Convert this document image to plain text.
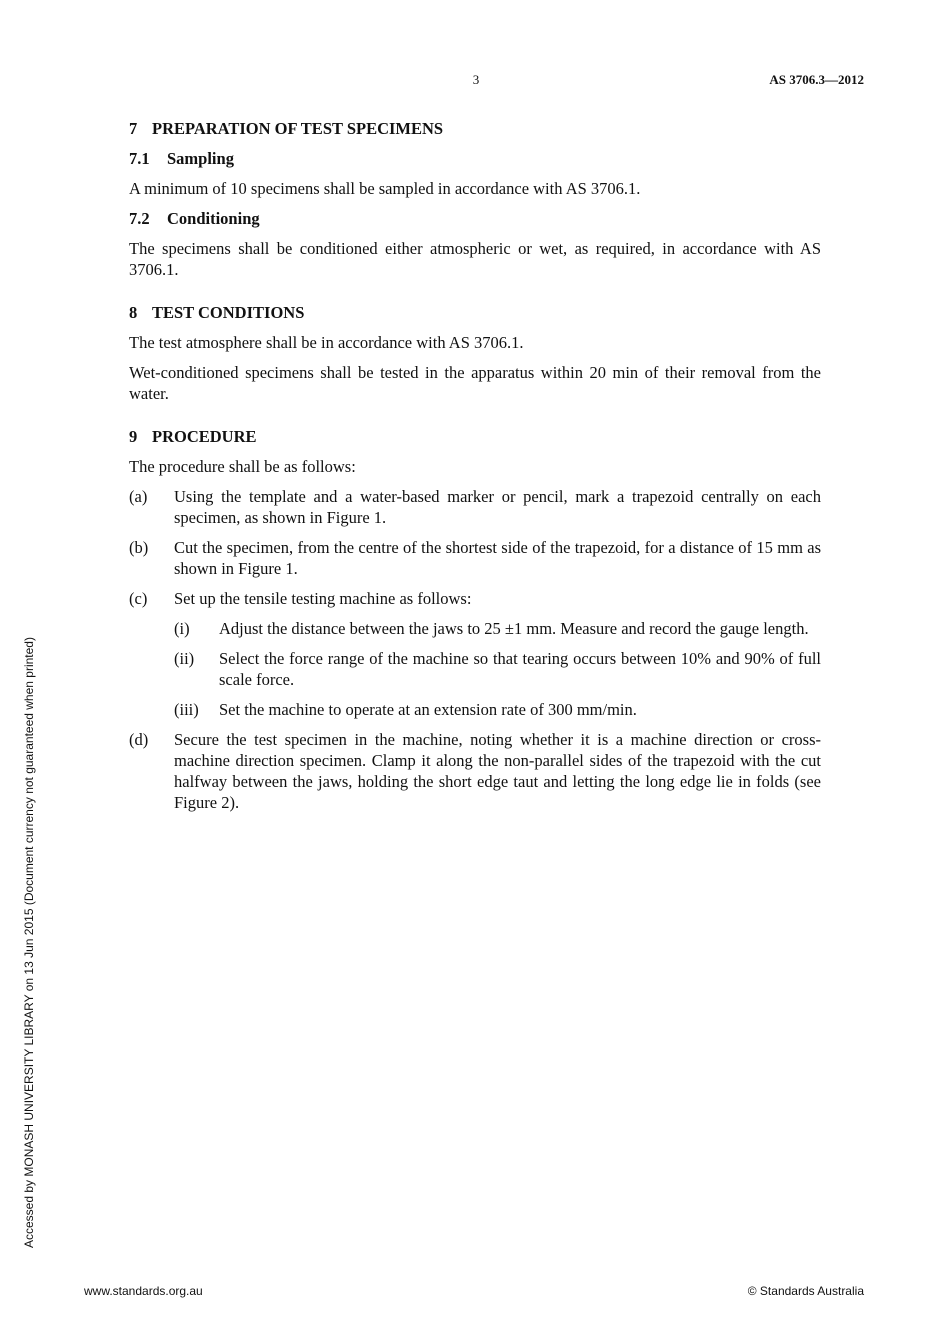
3	AS 3706.3—2012
7 PREPARATION OF TEST SPECIMENS
7.1 Sampling
A minimum of 10 specimens shall be sampled in accordance with AS 3706.1.
7.2 Conditioning
The specimens shall be conditioned either atmospheric or wet, as required, in accordance with AS 3706.1.
8 TEST CONDITIONS
The test atmosphere shall be in accordance with AS 3706.1.
Wet-conditioned specimens shall be tested in the apparatus within 20 min of their removal from the water.
9 PROCEDURE
The procedure shall be as follows:
(a) Using the template and a water-based marker or pencil, mark a trapezoid centrally on each specimen, as shown in Figure 1.
(b) Cut the specimen, from the centre of the shortest side of the trapezoid, for a distance of 15 mm as shown in Figure 1.
(c) Set up the tensile testing machine as follows:
(i) Adjust the distance between the jaws to 25 ±1 mm. Measure and record the gauge length.
(ii) Select the force range of the machine so that tearing occurs between 10% and 90% of full scale force.
(iii) Set the machine to operate at an extension rate of 300 mm/min.
(d) Secure the test specimen in the machine, noting whether it is a machine direction or cross-machine direction specimen. Clamp it along the non-parallel sides of the trapezoid with the cut halfway between the jaws, holding the short edge taut and letting the long edge lie in folds (see Figure 2).
Accessed by MONASH UNIVERSITY LIBRARY on 13 Jun 2015 (Document currency not guaranteed when printed)
www.standards.org.au	© Standards Australia
